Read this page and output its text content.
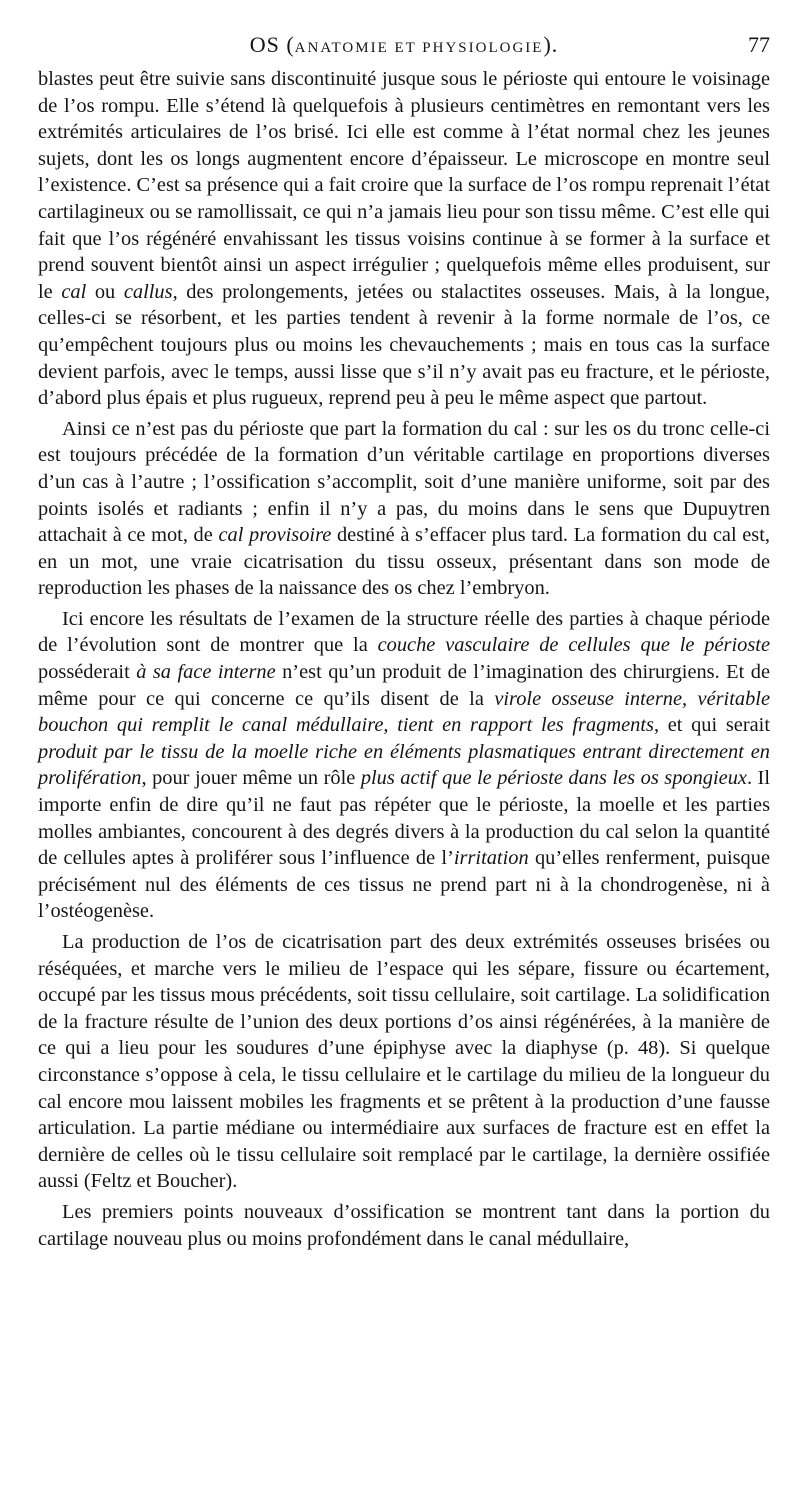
OS (ANATOMIE ET PHYSIOLOGIE).	77

blastes peut être suivie sans discontinuité jusque sous le périoste qui entoure le voisinage de l’os rompu. Elle s’étend là quelquefois à plusieurs centimètres en remontant vers les extrémités articulaires de l’os brisé. Ici elle est comme à l’état normal chez les jeunes sujets, dont les os longs augmentent encore d’épaisseur. Le microscope en montre seul l’existence. C’est sa présence qui a fait croire que la surface de l’os rompu reprenait l’état cartilagineux ou se ramollissait, ce qui n’a jamais lieu pour son tissu même. C’est elle qui fait que l’os régénéré envahissant les tissus voisins continue à se former à la surface et prend souvent bientôt ainsi un aspect irrégulier ; quelquefois même elles produisent, sur le cal ou callus, des prolongements, jetées ou stalactites osseuses. Mais, à la longue, celles-ci se résorbent, et les parties tendent à revenir à la forme normale de l’os, ce qu’empêchent toujours plus ou moins les chevauchements ; mais en tous cas la surface devient parfois, avec le temps, aussi lisse que s’il n’y avait pas eu fracture, et le périoste, d’abord plus épais et plus rugueux, reprend peu à peu le même aspect que partout.

Ainsi ce n’est pas du périoste que part la formation du cal : sur les os du tronc celle-ci est toujours précédée de la formation d’un véritable cartilage en proportions diverses d’un cas à l’autre ; l’ossification s’accomplit, soit d’une manière uniforme, soit par des points isolés et radiants ; enfin il n’y a pas, du moins dans le sens que Dupuytren attachait à ce mot, de cal provisoire destiné à s’effacer plus tard. La formation du cal est, en un mot, une vraie cicatrisation du tissu osseux, présentant dans son mode de reproduction les phases de la naissance des os chez l’embryon.

Ici encore les résultats de l’examen de la structure réelle des parties à chaque période de l’évolution sont de montrer que la couche vasculaire de cellules que le périoste posséderait à sa face interne n’est qu’un produit de l’imagination des chirurgiens. Et de même pour ce qui concerne ce qu’ils disent de la virole osseuse interne, véritable bouchon qui remplit le canal médullaire, tient en rapport les fragments, et qui serait produit par le tissu de la moelle riche en éléments plasmatiques entrant directement en prolifération, pour jouer même un rôle plus actif que le périoste dans les os spongieux. Il importe enfin de dire qu’il ne faut pas répéter que le périoste, la moelle et les parties molles ambiantes, concourent à des degrés divers à la production du cal selon la quantité de cellules aptes à proliférer sous l’influence de l’irritation qu’elles renferment, puisque précisément nul des éléments de ces tissus ne prend part ni à la chondrogenèse, ni à l’ostéogenèse.

La production de l’os de cicatrisation part des deux extrémités osseuses brisées ou réséquées, et marche vers le milieu de l’espace qui les sépare, fissure ou écartement, occupé par les tissus mous précédents, soit tissu cellulaire, soit cartilage. La solidification de la fracture résulte de l’union des deux portions d’os ainsi régénérées, à la manière de ce qui a lieu pour les soudures d’une épiphyse avec la diaphyse (p. 48). Si quelque circonstance s’oppose à cela, le tissu cellulaire et le cartilage du milieu de la longueur du cal encore mou laissent mobiles les fragments et se prêtent à la production d’une fausse articulation. La partie médiane ou intermédiaire aux surfaces de fracture est en effet la dernière de celles où le tissu cellulaire soit remplacé par le cartilage, la dernière ossifiée aussi (Feltz et Boucher).

Les premiers points nouveaux d’ossification se montrent tant dans la portion du cartilage nouveau plus ou moins profondément dans le canal médullaire,
